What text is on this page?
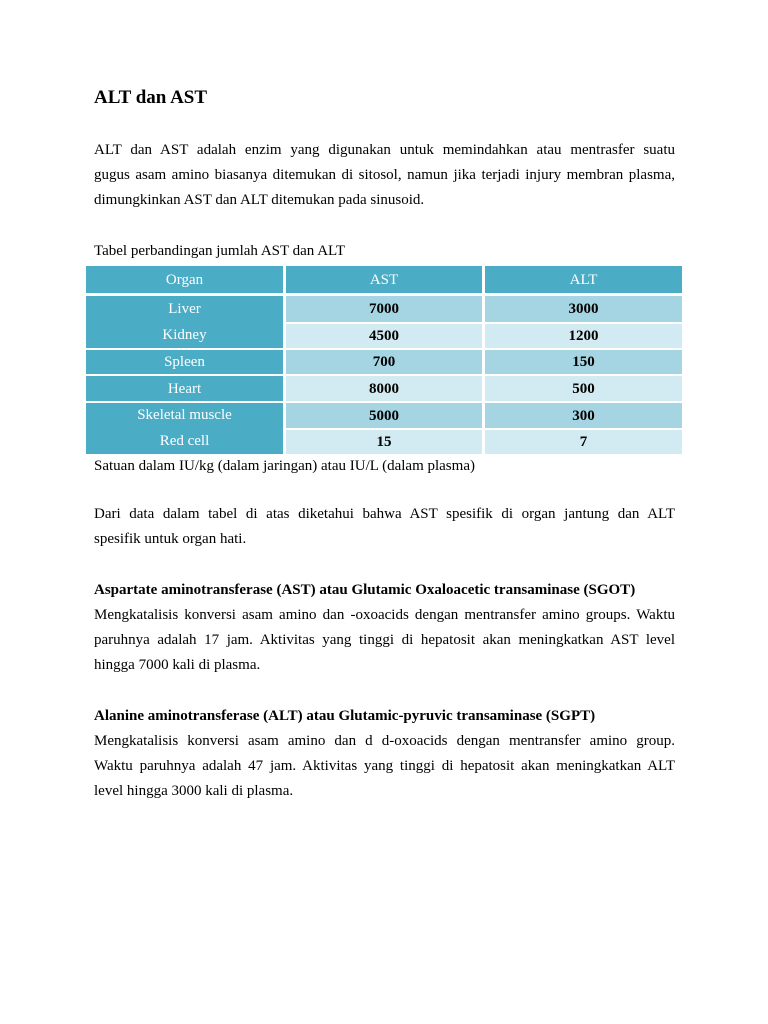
ALT dan AST

ALT dan AST adalah enzim yang digunakan untuk memindahkan atau mentrasfer suatu
gugus asam amino biasanya ditemukan di sitosol, namun jika terjadi injury membran plasma,
dimungkinkan AST dan ALT ditemukan pada sinusoid.

Tabel perbandingan jumlah AST dan ALT

Organ	AST	ALT
Liver	7000	3000
Kidney	4500	1200
Spleen	700	150
Heart	8000	500
Skeletal muscle	5000	300
Red cell	15	7

Satuan dalam IU/kg (dalam jaringan) atau IU/L (dalam plasma)

Dari data dalam tabel di atas diketahui bahwa AST spesifik di organ jantung dan ALT
spesifik untuk organ hati.

Aspartate aminotransferase (AST) atau Glutamic Oxaloacetic transaminase (SGOT)

Mengkatalisis konversi asam amino dan -oxoacids dengan mentransfer amino groups. Waktu
paruhnya adalah 17 jam. Aktivitas yang tinggi di hepatosit akan meningkatkan AST level
hingga 7000 kali di plasma.

Alanine aminotransferase (ALT) atau Glutamic-pyruvic transaminase (SGPT)

Mengkatalisis konversi asam amino dan d d-oxoacids dengan mentransfer amino group.
Waktu paruhnya adalah 47 jam. Aktivitas yang tinggi di hepatosit akan meningkatkan ALT
level hingga 3000 kali di plasma.
